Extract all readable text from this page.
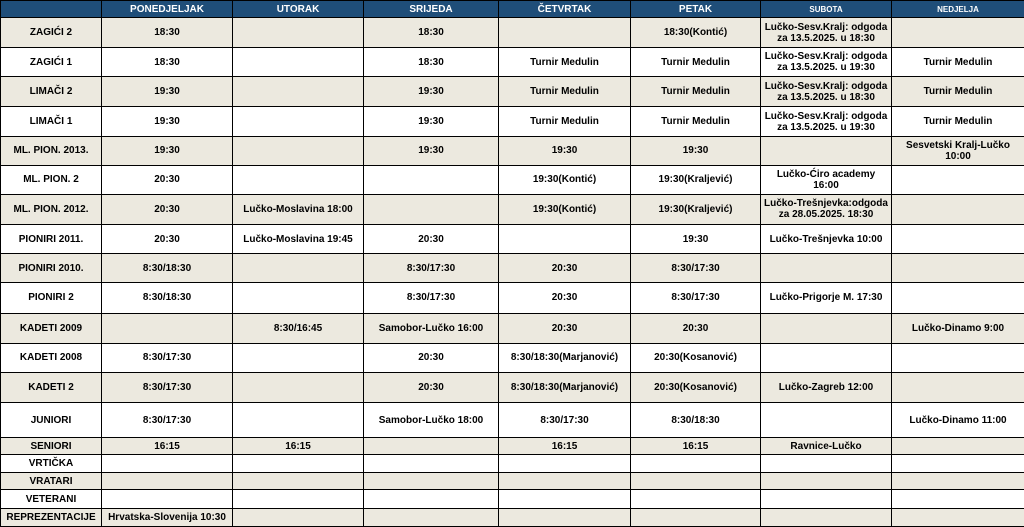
	PONEDJELJAK	UTORAK	SRIJEDA	ČETVRTAK	PETAK	SUBOTA	NEDJELJA
ZAGIĆI 2	18:30		18:30		18:30(Kontić)	Lučko-Sesv.Kralj: odgoda za 13.5.2025. u 18:30	
ZAGIĆI 1	18:30		18:30	Turnir Medulin	Turnir Medulin	Lučko-Sesv.Kralj: odgoda za 13.5.2025. u 19:30	Turnir Medulin
LIMAČI 2	19:30		19:30	Turnir Medulin	Turnir Medulin	Lučko-Sesv.Kralj: odgoda za 13.5.2025. u 18:30	Turnir Medulin
LIMAČI 1	19:30		19:30	Turnir Medulin	Turnir Medulin	Lučko-Sesv.Kralj: odgoda za 13.5.2025. u 19:30	Turnir Medulin
ML. PION. 2013.	19:30		19:30	19:30	19:30		Sesvetski Kralj-Lučko 10:00
ML. PION. 2	20:30			19:30(Kontić)	19:30(Kraljević)	Lučko-Ćiro academy 16:00	
ML. PION. 2012.	20:30	Lučko-Moslavina 18:00		19:30(Kontić)	19:30(Kraljević)	Lučko-Trešnjevka:odgoda za 28.05.2025. 18:30	
PIONIRI 2011.	20:30	Lučko-Moslavina 19:45	20:30		19:30	Lučko-Trešnjevka 10:00	
PIONIRI 2010.	8:30/18:30		8:30/17:30	20:30	8:30/17:30		
PIONIRI 2	8:30/18:30		8:30/17:30	20:30	8:30/17:30	Lučko-Prigorje M. 17:30	
KADETI 2009		8:30/16:45	Samobor-Lučko 16:00	20:30	20:30		Lučko-Dinamo 9:00
KADETI 2008	8:30/17:30		20:30	8:30/18:30(Marjanović)	20:30(Kosanović)		
KADETI 2	8:30/17:30		20:30	8:30/18:30(Marjanović)	20:30(Kosanović)	Lučko-Zagreb 12:00	
JUNIORI	8:30/17:30		Samobor-Lučko 18:00	8:30/17:30	8:30/18:30		Lučko-Dinamo 11:00
SENIORI	16:15	16:15		16:15	16:15	Ravnice-Lučko	
VRTIČKA							
VRATARI							
VETERANI							
REPREZENTACIJE	Hrvatska-Slovenija 10:30						
